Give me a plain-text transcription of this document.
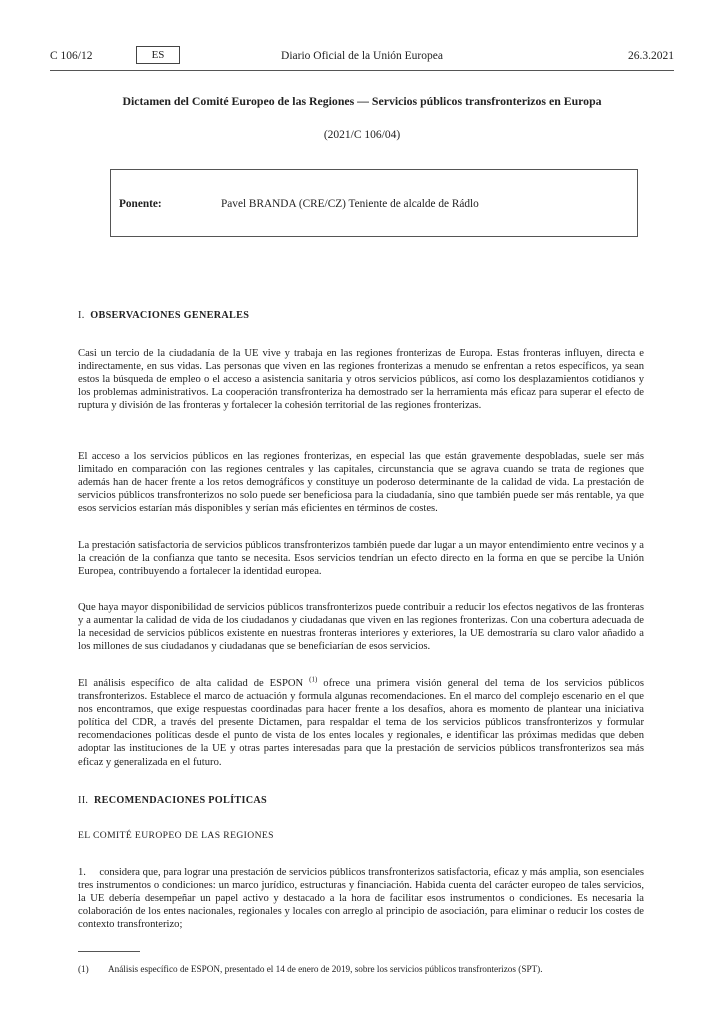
C 106/12	ES	Diario Oficial de la Unión Europea	26.3.2021
Dictamen del Comité Europeo de las Regiones — Servicios públicos transfronterizos en Europa
(2021/C 106/04)
Ponente:	Pavel BRANDA (CRE/CZ) Teniente de alcalde de Rádlo
I. OBSERVACIONES GENERALES

Casi un tercio de la ciudadanía de la UE vive y trabaja en las regiones fronterizas de Europa. Estas fronteras influyen, directa e indirectamente, en sus vidas. Las personas que viven en las regiones fronterizas a menudo se enfrentan a retos específicos, ya sean estos la búsqueda de empleo o el acceso a asistencia sanitaria y otros servicios públicos, así como los desplazamientos cotidianos y los problemas administrativos. La cooperación transfronteriza ha demostrado ser la herramienta más eficaz para superar el efecto de ruptura y división de las fronteras y fortalecer la cohesión territorial de las regiones fronterizas.

El acceso a los servicios públicos en las regiones fronterizas, en especial las que están gravemente despobladas, suele ser más limitado en comparación con las regiones centrales y las capitales, circunstancia que se agrava cuando se trata de regiones que además han de hacer frente a los retos demográficos y constituye un poderoso determinante de la calidad de vida. La prestación de servicios públicos transfronterizos no solo puede ser beneficiosa para la ciudadanía, sino que también puede ser más rentable, ya que esos servicios estarían más disponibles y serían más eficientes en términos de costes.

La prestación satisfactoria de servicios públicos transfronterizos también puede dar lugar a un mayor entendimiento entre vecinos y a la creación de la confianza que tanto se necesita. Esos servicios tendrían un efecto directo en la forma en que se percibe la Unión Europea, contribuyendo a fortalecer la identidad europea.

Que haya mayor disponibilidad de servicios públicos transfronterizos puede contribuir a reducir los efectos negativos de las fronteras y a aumentar la calidad de vida de los ciudadanos y ciudadanas que viven en las regiones fronterizas. Con una cobertura adecuada de la necesidad de servicios públicos existente en nuestras fronteras interiores y exteriores, la UE demostraría su claro valor añadido a los millones de sus ciudadanos y ciudadanas que se beneficiarían de esos servicios.

El análisis específico de alta calidad de ESPON $^{(1)}$ ofrece una primera visión general del tema de los servicios públicos transfronterizos. Establece el marco de actuación y formula algunas recomendaciones. En el marco del complejo escenario en el que nos encontramos, que exige respuestas coordinadas para hacer frente a los desafíos, ahora es momento de plantear una iniciativa política del CDR, a través del presente Dictamen, para respaldar el tema de los servicios públicos transfronterizos y formular recomendaciones políticas desde el punto de vista de los entes locales y regionales, e identificar las próximas medidas que deben adoptar las instituciones de la UE y otras partes interesadas para que la prestación de servicios públicos transfronterizos sea más eficaz y generalizada en el futuro.

II. RECOMENDACIONES POLÍTICAS
EL COMITÉ EUROPEO DE LAS REGIONES

1.     considera que, para lograr una prestación de servicios públicos transfronterizos satisfactoria, eficaz y más amplia, son esenciales tres instrumentos o condiciones: un marco jurídico, estructuras y financiación. Habida cuenta del carácter europeo de tales servicios, la UE debería desempeñar un papel activo y destacado a la hora de facilitar esos instrumentos o condiciones. Es necesaria la colaboración de los entes nacionales, regionales y locales con arreglo al principio de asociación, para eliminar o reducir los costes de contexto transfronterizo;

(1) Análisis específico de ESPON, presentado el 14 de enero de 2019, sobre los servicios públicos transfronterizos (SPT).
